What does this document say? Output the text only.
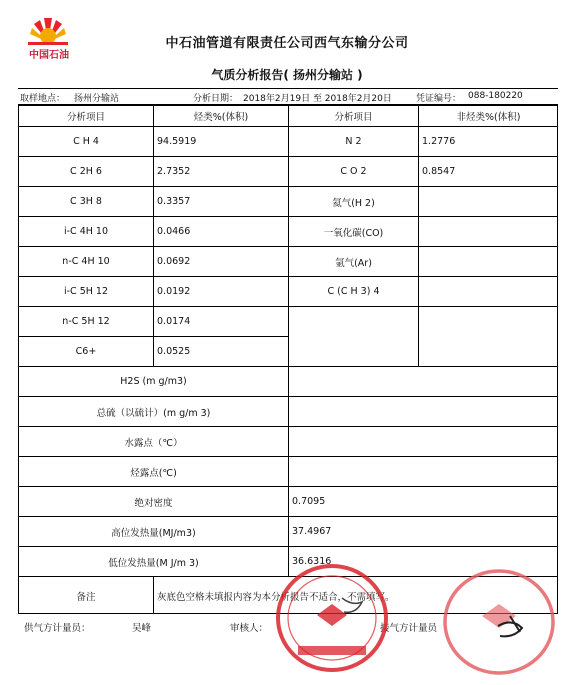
中国石油
中石油管道有限责任公司西气东输分公司
气质分析报告( 扬州分输站 )
取样地点： 扬州分输站	分析日期： 2018年2月19日 至 2018年2月20日	凭证编号： 088-180220
分析项目	烃类%(体积)	分析项目	非烃类%(体积)
C H 4	94.5919	N 2	1.2776
C 2H 6	2.7352	C O 2	0.8547
C 3H 8	0.3357	氦气(H 2)
i-C 4H 10	0.0466	一氧化碳(CO)
n-C 4H 10	0.0692	氩气(Ar)
i-C 5H 12	0.0192	C (C H 3) 4
n-C 5H 12	0.0174
C6+	0.0525
H2S (m g/m3)
总硫（以硫计）(m g/m 3)
水露点（℃）
烃露点(℃)
绝对密度	0.7095
高位发热量(MJ/m3)	37.4967
低位发热量(M J/m 3)	36.6316
备注	灰底色空格未填报内容为本分析报告不适合，不需填写。
供气方计量员：	吴峰	审核人：	接气方计量员
